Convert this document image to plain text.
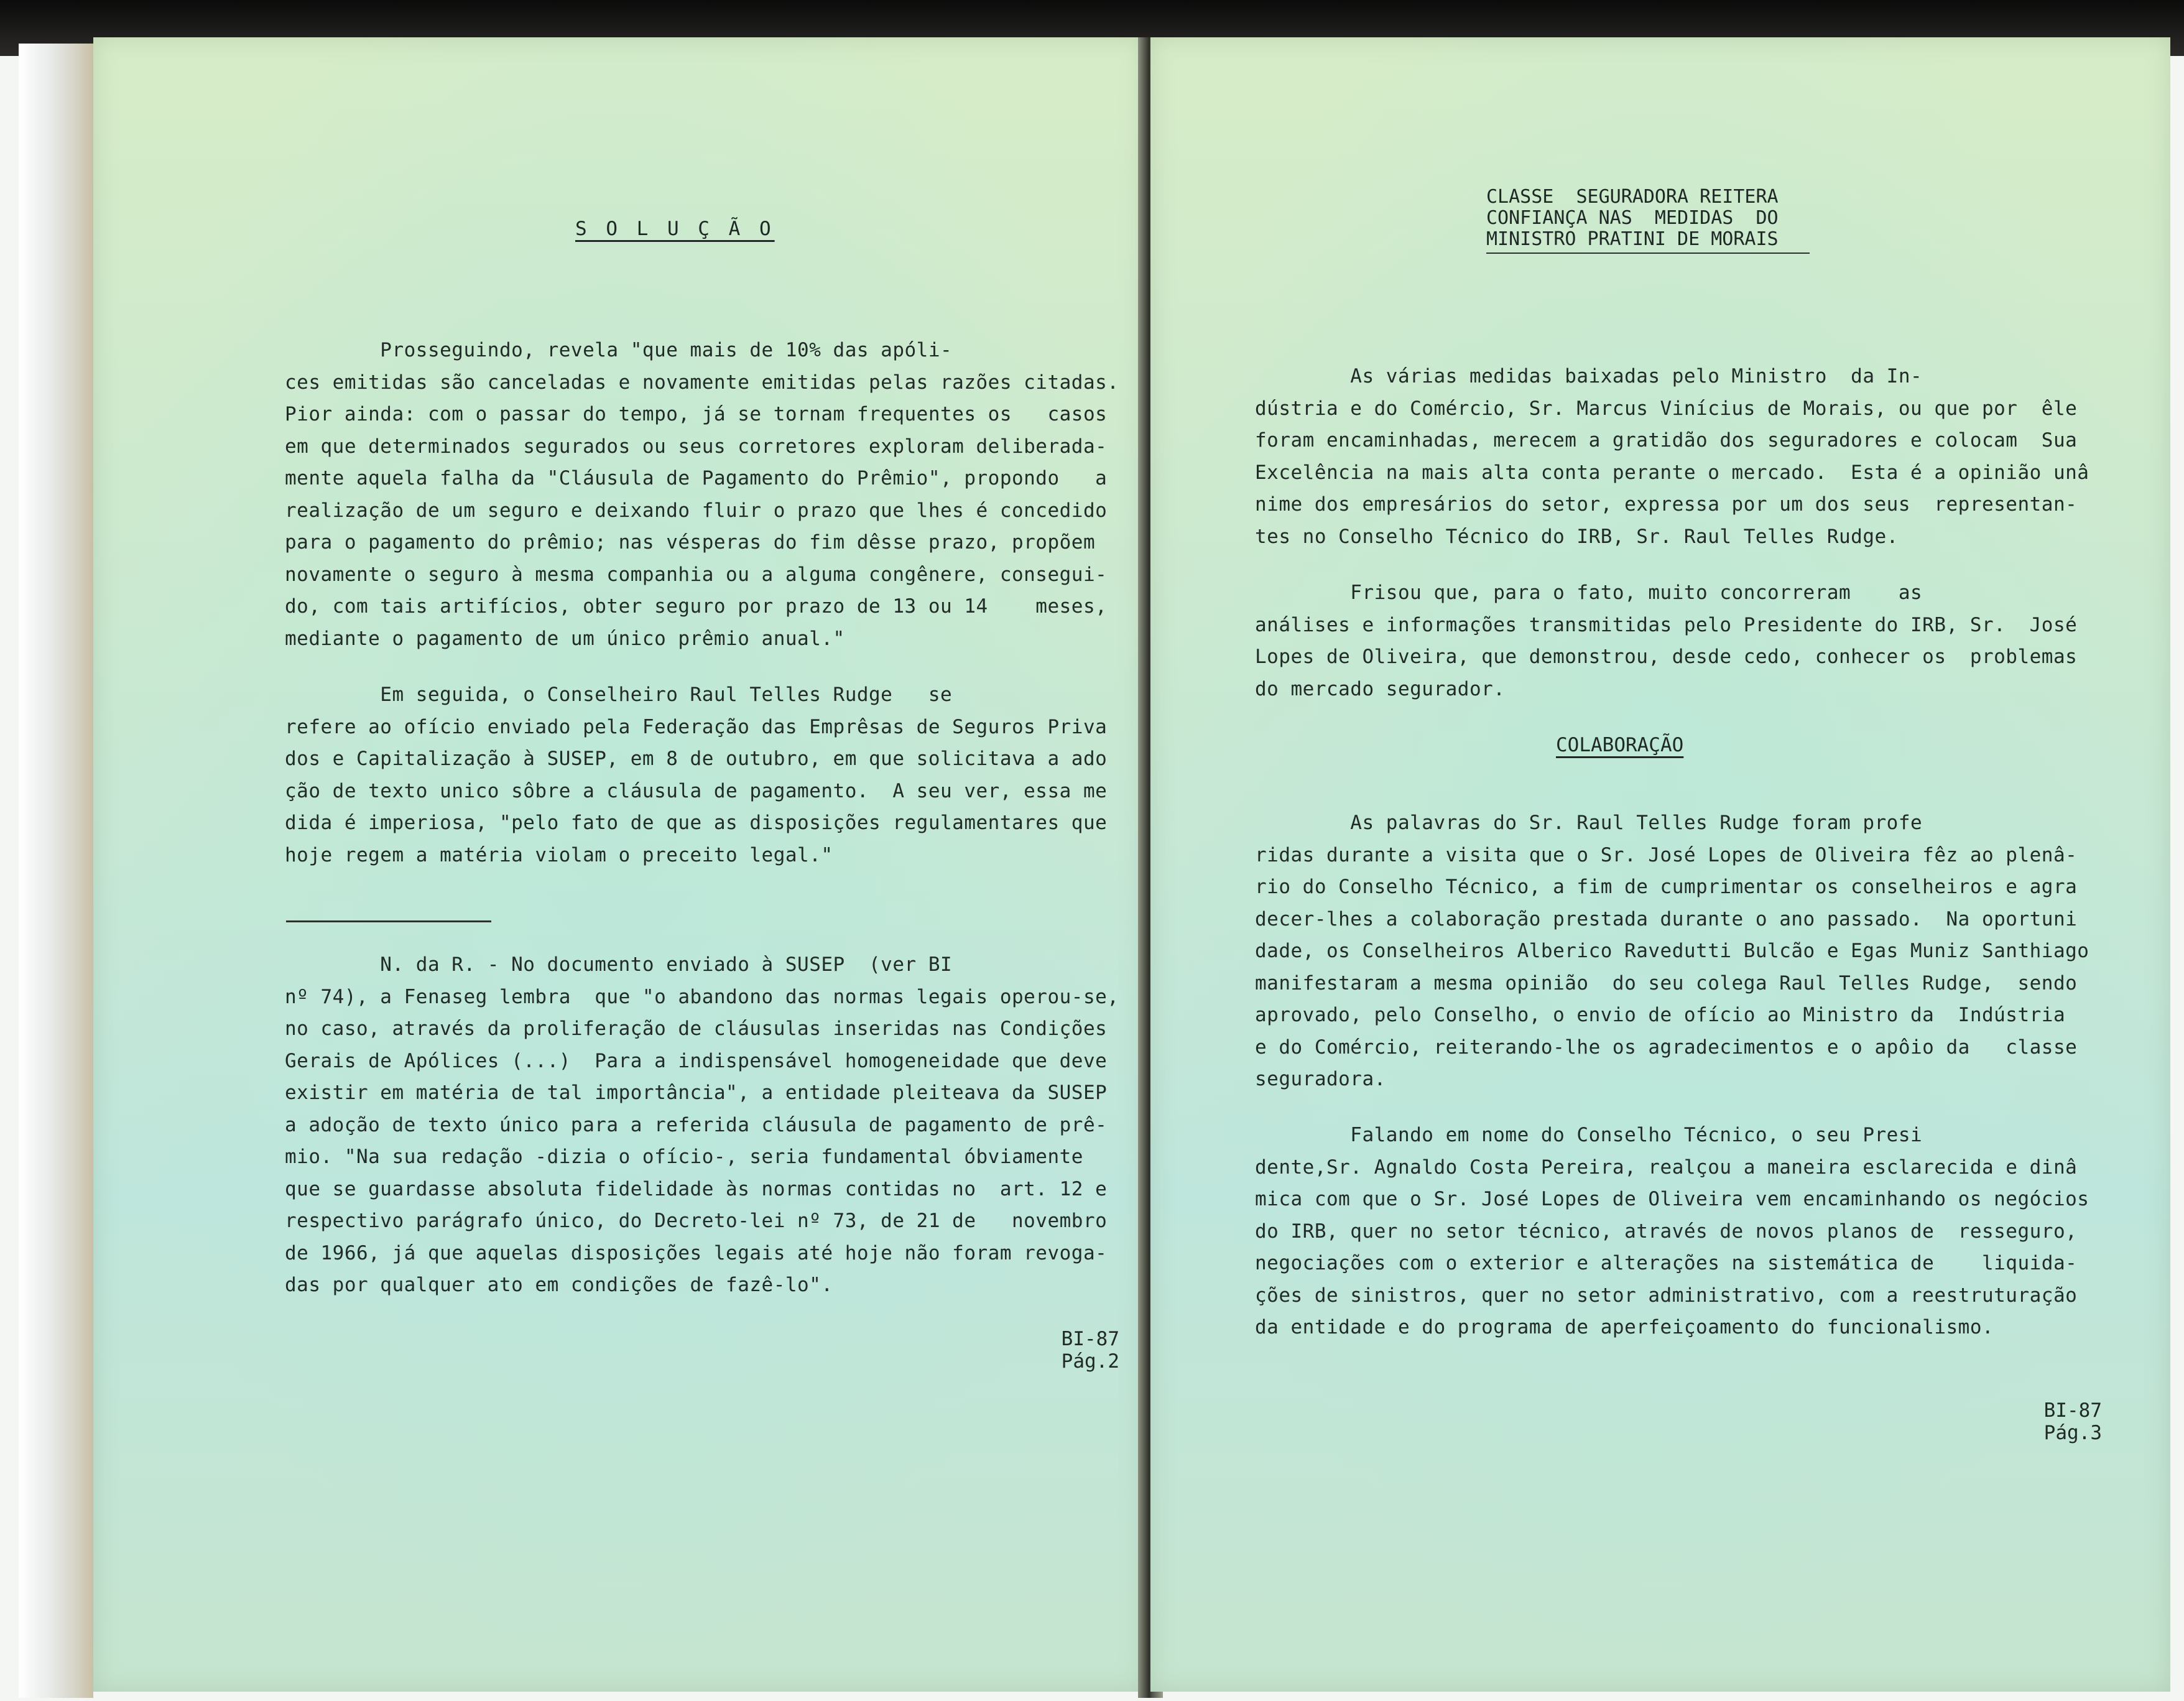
S O L U Ç Ã O
Prosseguindo, revela "que mais de 10% das apóli-
ces emitidas são canceladas e novamente emitidas pelas razões citadas.
Pior ainda: com o passar do tempo, já se tornam frequentes os   casos
em que determinados segurados ou seus corretores exploram deliberada-
mente aquela falha da "Cláusula de Pagamento do Prêmio", propondo   a
realização de um seguro e deixando fluir o prazo que lhes é concedido
para o pagamento do prêmio; nas vésperas do fim dêsse prazo, propõem
novamente o seguro à mesma companhia ou a alguma congênere, consegui-
do, com tais artifícios, obter seguro por prazo de 13 ou 14    meses,
mediante o pagamento de um único prêmio anual."
Em seguida, o Conselheiro Raul Telles Rudge   se
refere ao ofício enviado pela Federação das Emprêsas de Seguros Priva
dos e Capitalização à SUSEP, em 8 de outubro, em que solicitava a ado
ção de texto unico sôbre a cláusula de pagamento.  A seu ver, essa me
dida é imperiosa, "pelo fato de que as disposições regulamentares que
hoje regem a matéria violam o preceito legal."
N. da R. - No documento enviado à SUSEP  (ver BI
nº 74), a Fenaseg lembra  que "o abandono das normas legais operou-se,
no caso, através da proliferação de cláusulas inseridas nas Condições
Gerais de Apólices (...)  Para a indispensável homogeneidade que deve
existir em matéria de tal importância", a entidade pleiteava da SUSEP
a adoção de texto único para a referida cláusula de pagamento de prê-
mio. "Na sua redação -dizia o ofício-, seria fundamental óbviamente
que se guardasse absoluta fidelidade às normas contidas no  art. 12 e
respectivo parágrafo único, do Decreto-lei nº 73, de 21 de   novembro
de 1966, já que aquelas disposições legais até hoje não foram revoga-
das por qualquer ato em condições de fazê-lo".
BI-87
Pág.2
CLASSE  SEGURADORA REITERA
CONFIANÇA NAS  MEDIDAS  DO
MINISTRO PRATINI DE MORAIS
As várias medidas baixadas pelo Ministro  da In-
dústria e do Comércio, Sr. Marcus Vinícius de Morais, ou que por  êle
foram encaminhadas, merecem a gratidão dos seguradores e colocam  Sua
Excelência na mais alta conta perante o mercado.  Esta é a opinião unâ
nime dos empresários do setor, expressa por um dos seus  representan-
tes no Conselho Técnico do IRB, Sr. Raul Telles Rudge.
Frisou que, para o fato, muito concorreram    as
análises e informações transmitidas pelo Presidente do IRB, Sr.  José
Lopes de Oliveira, que demonstrou, desde cedo, conhecer os  problemas
do mercado segurador.
COLABORAÇÃO
As palavras do Sr. Raul Telles Rudge foram profe
ridas durante a visita que o Sr. José Lopes de Oliveira fêz ao plenâ-
rio do Conselho Técnico, a fim de cumprimentar os conselheiros e agra
decer-lhes a colaboração prestada durante o ano passado.  Na oportuni
dade, os Conselheiros Alberico Ravedutti Bulcão e Egas Muniz Santhiago
manifestaram a mesma opinião  do seu colega Raul Telles Rudge,  sendo
aprovado, pelo Conselho, o envio de ofício ao Ministro da  Indústria
e do Comércio, reiterando-lhe os agradecimentos e o apôio da   classe
seguradora.
Falando em nome do Conselho Técnico, o seu Presi
dente,Sr. Agnaldo Costa Pereira, realçou a maneira esclarecida e dinâ
mica com que o Sr. José Lopes de Oliveira vem encaminhando os negócios
do IRB, quer no setor técnico, através de novos planos de  resseguro,
negociações com o exterior e alterações na sistemática de    liquida-
ções de sinistros, quer no setor administrativo, com a reestruturação
da entidade e do programa de aperfeiçoamento do funcionalismo.
BI-87
Pág.3
